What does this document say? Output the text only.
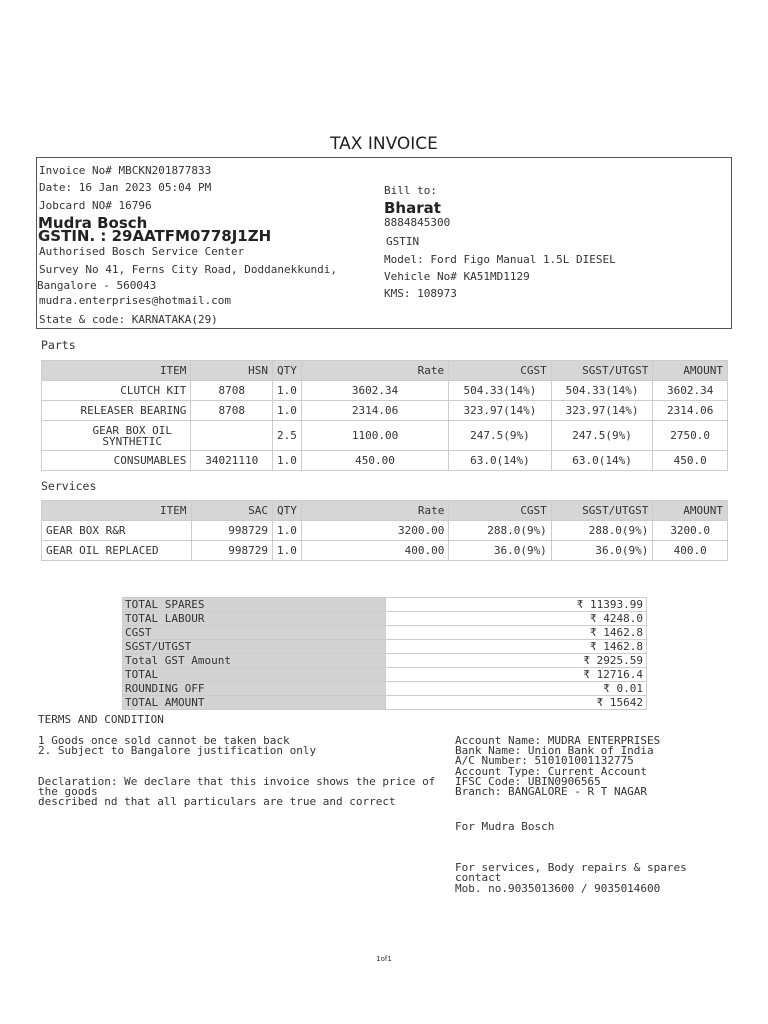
TAX INVOICE
Invoice No# MBCKN201877833
Date: 16 Jan 2023 05:04 PM
Jobcard NO# 16796
Mudra Bosch
GSTIN. : 29AATFM0778J1ZH
Authorised Bosch Service Center
Survey No 41, Ferns City Road, Doddanekkundi,
Bangalore - 560043
mudra.enterprises@hotmail.com
State & code: KARNATAKA(29)
Bill to:
Bharat
8884845300
GSTIN
Model: Ford Figo Manual 1.5L DIESEL
Vehicle No# KA51MD1129
KMS: 108973
Parts
ITEM	HSN	QTY	Rate	CGST	SGST/UTGST	AMOUNT
CLUTCH KIT	8708	1.0	3602.34	504.33(14%)	504.33(14%)	3602.34
RELEASER BEARING	8708	1.0	2314.06	323.97(14%)	323.97(14%)	2314.06
GEAR BOX OIL
SYNTHETIC		2.5	1100.00	247.5(9%)	247.5(9%)	2750.0
CONSUMABLES	34021110	1.0	450.00	63.0(14%)	63.0(14%)	450.0
Services
ITEM	SAC	QTY	Rate	CGST	SGST/UTGST	AMOUNT
GEAR BOX R&R	998729	1.0	3200.00	288.0(9%)	288.0(9%)	3200.0
GEAR OIL REPLACED	998729	1.0	400.00	36.0(9%)	36.0(9%)	400.0
TOTAL SPARES	₹ 11393.99
TOTAL LABOUR	₹ 4248.0
CGST	₹ 1462.8
SGST/UTGST	₹ 1462.8
Total GST Amount	₹ 2925.59
TOTAL	₹ 12716.4
ROUNDING OFF	₹ 0.01
TOTAL AMOUNT	₹ 15642
TERMS AND CONDITION
1 Goods once sold cannot be taken back
2. Subject to Bangalore justification only
Declaration: We declare that this invoice shows the price of
the goods
described nd that all particulars are true and correct
Account Name: MUDRA ENTERPRISES
Bank Name: Union Bank of India
A/C Number: 510101001132775
Account Type: Current Account
IFSC Code: UBIN0906565
Branch: BANGALORE - R T NAGAR
For Mudra Bosch
For services, Body repairs & spares
contact
Mob. no.9035013600 / 9035014600
1of1
